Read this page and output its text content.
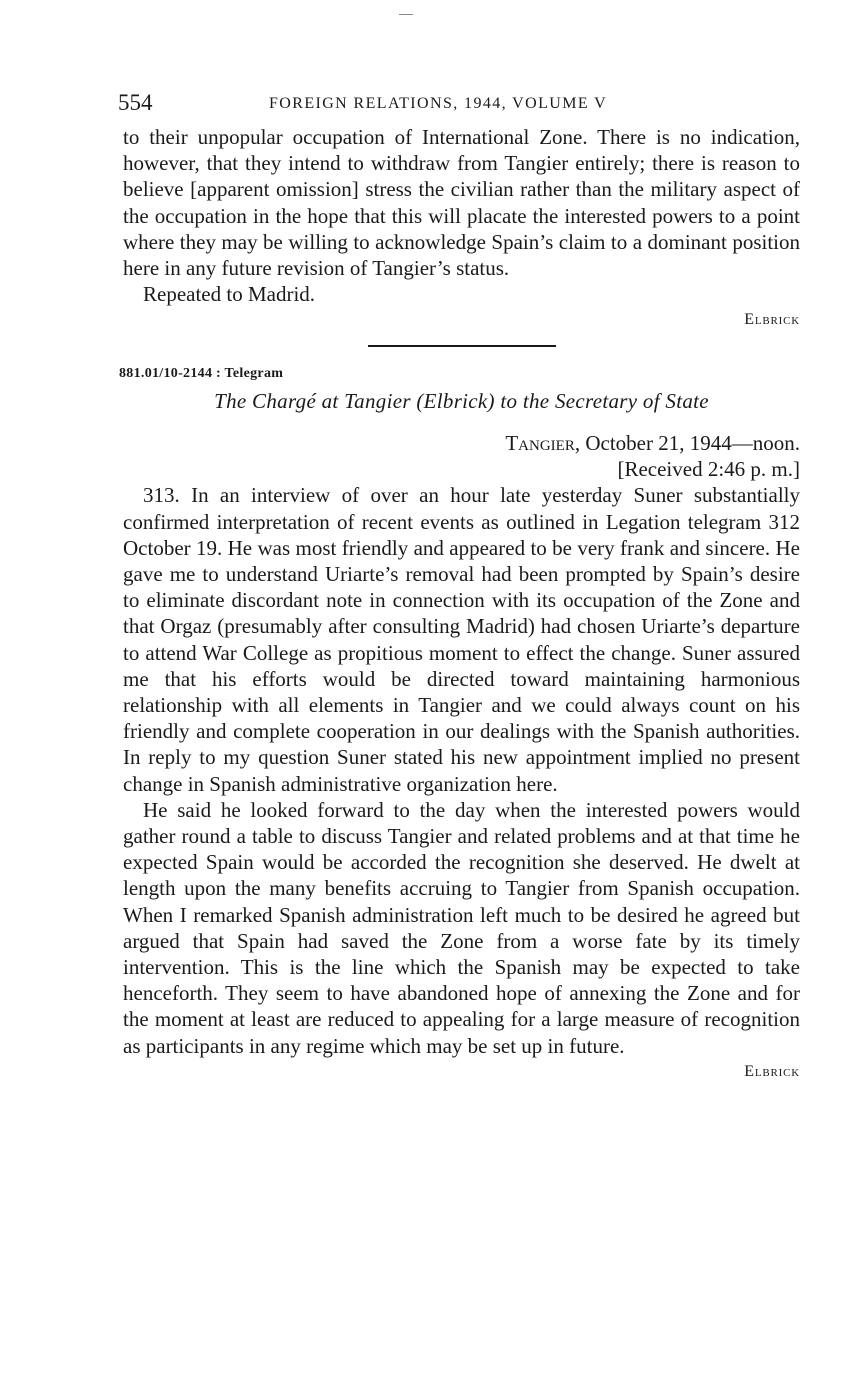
554	FOREIGN RELATIONS, 1944, VOLUME V

to their unpopular occupation of International Zone. There is no indication, however, that they intend to withdraw from Tangier entirely; there is reason to believe [apparent omission] stress the civilian rather than the military aspect of the occupation in the hope that this will placate the interested powers to a point where they may be willing to acknowledge Spain’s claim to a dominant position here in any future revision of Tangier’s status.

Repeated to Madrid.

Elbrick

881.01/10-2144 : Telegram
The Chargé at Tangier (Elbrick) to the Secretary of State

Tangier, October 21, 1944—noon.

[Received 2:46 p. m.]

313. In an interview of over an hour late yesterday Suner substantially confirmed interpretation of recent events as outlined in Legation telegram 312 October 19. He was most friendly and appeared to be very frank and sincere. He gave me to understand Uriarte’s removal had been prompted by Spain’s desire to eliminate discordant note in connection with its occupation of the Zone and that Orgaz (presumably after consulting Madrid) had chosen Uriarte’s departure to attend War College as propitious moment to effect the change. Suner assured me that his efforts would be directed toward maintaining harmonious relationship with all elements in Tangier and we could always count on his friendly and complete cooperation in our dealings with the Spanish authorities. In reply to my question Suner stated his new appointment implied no present change in Spanish administrative organization here.

He said he looked forward to the day when the interested powers would gather round a table to discuss Tangier and related problems and at that time he expected Spain would be accorded the recognition she deserved. He dwelt at length upon the many benefits accruing to Tangier from Spanish occupation. When I remarked Spanish administration left much to be desired he agreed but argued that Spain had saved the Zone from a worse fate by its timely intervention. This is the line which the Spanish may be expected to take henceforth. They seem to have abandoned hope of annexing the Zone and for the moment at least are reduced to appealing for a large measure of recognition as participants in any regime which may be set up in future.

Elbrick
